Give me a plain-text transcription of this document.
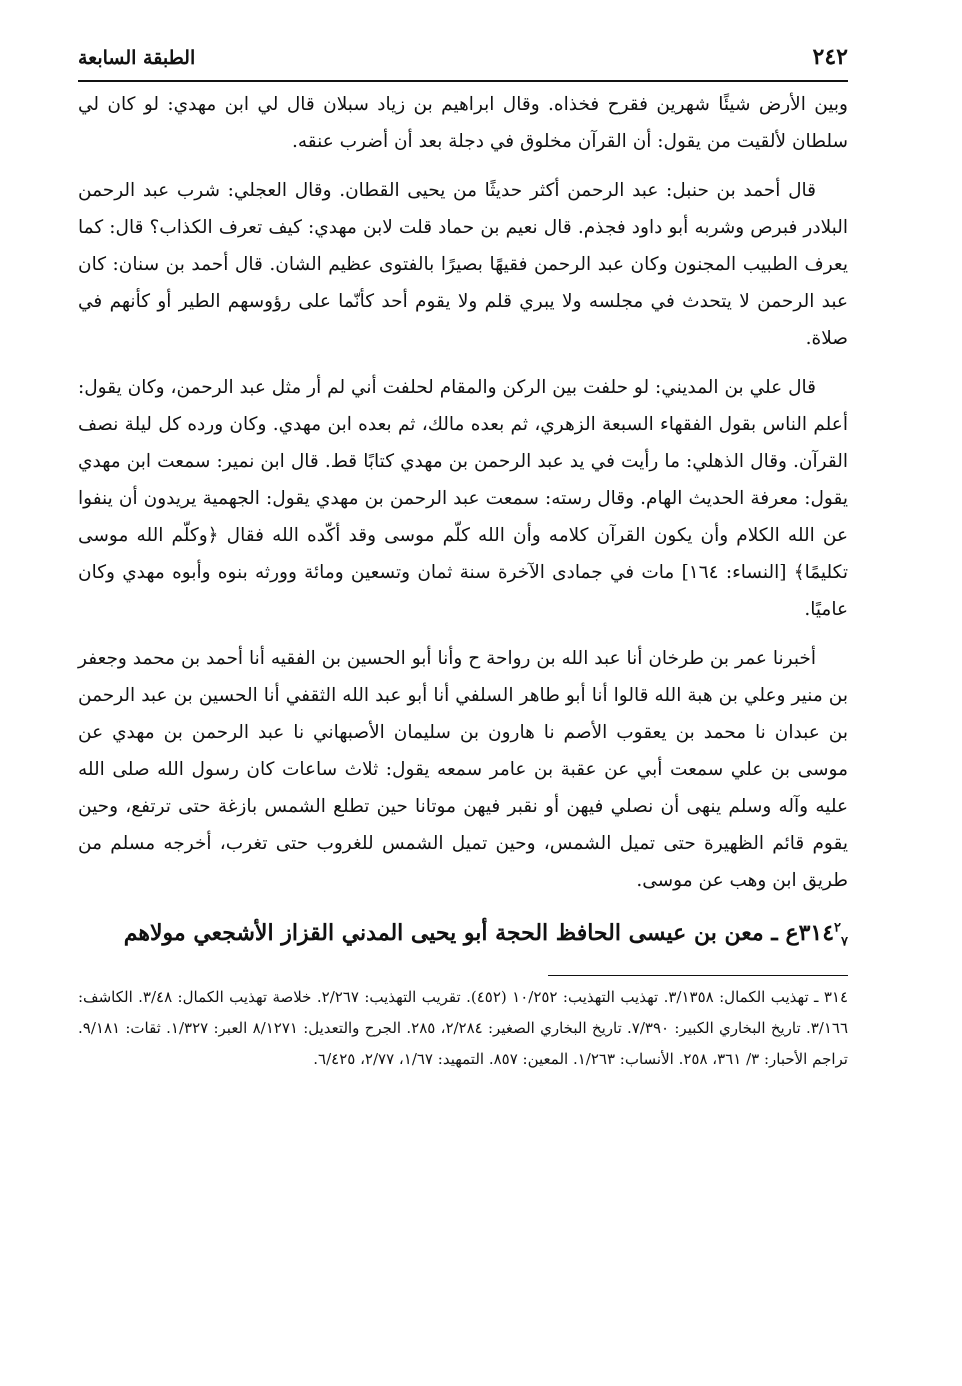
٢٤٢
الطبقة السابعة

وبين الأرض شيئًا شهرين فقرح فخذاه. وقال ابراهيم بن زياد سبلان قال لي ابن مهدي: لو كان لي سلطان لألقيت من يقول: أن القرآن مخلوق في دجلة بعد أن أضرب عنقه.

قال أحمد بن حنبل: عبد الرحمن أكثر حديثًا من يحيى القطان. وقال العجلي: شرب عبد الرحمن البلادر فبرص وشربه أبو داود فجذم. قال نعيم بن حماد قلت لابن مهدي: كيف تعرف الكذاب؟ قال: كما يعرف الطبيب المجنون وكان عبد الرحمن فقيهًا بصيرًا بالفتوى عظيم الشان. قال أحمد بن سنان: كان عبد الرحمن لا يتحدث في مجلسه ولا يبري قلم ولا يقوم أحد كأنّما على رؤوسهم الطير أو كأنهم في صلاة.

قال علي بن المديني: لو حلفت بين الركن والمقام لحلفت أني لم أر مثل عبد الرحمن، وكان يقول: أعلم الناس بقول الفقهاء السبعة الزهري، ثم بعده مالك، ثم بعده ابن مهدي. وكان ورده كل ليلة نصف القرآن. وقال الذهلي: ما رأيت في يد عبد الرحمن بن مهدي كتابًا قط. قال ابن نمير: سمعت ابن مهدي يقول: معرفة الحديث الهام. وقال رسته: سمعت عبد الرحمن بن مهدي يقول: الجهمية يريدون أن ينفوا عن الله الكلام وأن يكون القرآن كلامه وأن الله كلّم موسى وقد أكّده الله فقال ﴿وكلّم الله موسى تكليمًا﴾ [النساء: ١٦٤] مات في جمادى الآخرة سنة ثمان وتسعين ومائة وورثه بنوه وأبوه مهدي وكان عاميًا.

أخبرنا عمر بن طرخان أنا عبد الله بن رواحة ح وأنا أبو الحسين بن الفقيه أنا أحمد بن محمد وجعفر بن منير وعلي بن هبة الله قالوا أنا أبو طاهر السلفي أنا أبو عبد الله الثقفي أنا الحسين بن عبد الرحمن بن عبدان نا محمد بن يعقوب الأصم نا هارون بن سليمان الأصبهاني نا عبد الرحمن بن مهدي عن موسى بن علي سمعت أبي عن عقبة بن عامر سمعه يقول: ثلاث ساعات كان رسول الله صلى الله عليه وآله وسلم ينهى أن نصلي فيهن أو نقبر فيهن موتانا حين تطلع الشمس بازغة حتى ترتفع، وحين يقوم قائم الظهيرة حتى تميل الشمس، وحين تميل الشمس للغروب حتى تغرب، أخرجه مسلم من طريق ابن وهب عن موسى.

$٣١٤^٢_٧ع$ ـ معن بن عيسى الحافظ الحجة أبو يحيى المدني القزاز الأشجعي مولاهم
٣١٤ ـ تهذيب الكمال: ٣/١٣٥٨. تهذيب التهذيب: ١٠/٢٥٢ (٤٥٢). تقريب التهذيب: ٢/٢٦٧. خلاصة تهذيب الكمال: ٣/٤٨. الكاشف: ٣/١٦٦. تاريخ البخاري الكبير: ٧/٣٩٠. تاريخ البخاري الصغير: ٢/٢٨٤، ٢٨٥. الجرح والتعديل: ٨/١٢٧١ العبر: ١/٣٢٧. ثقات: ٩/١٨١. تراجم الأحبار: ٣/ ٣٦١، ٢٥٨. الأنساب: ١/٢٦٣. المعين: ٨٥٧. التمهيد: ١/٦٧، ٢/٧٧، ٦/٤٢٥.
